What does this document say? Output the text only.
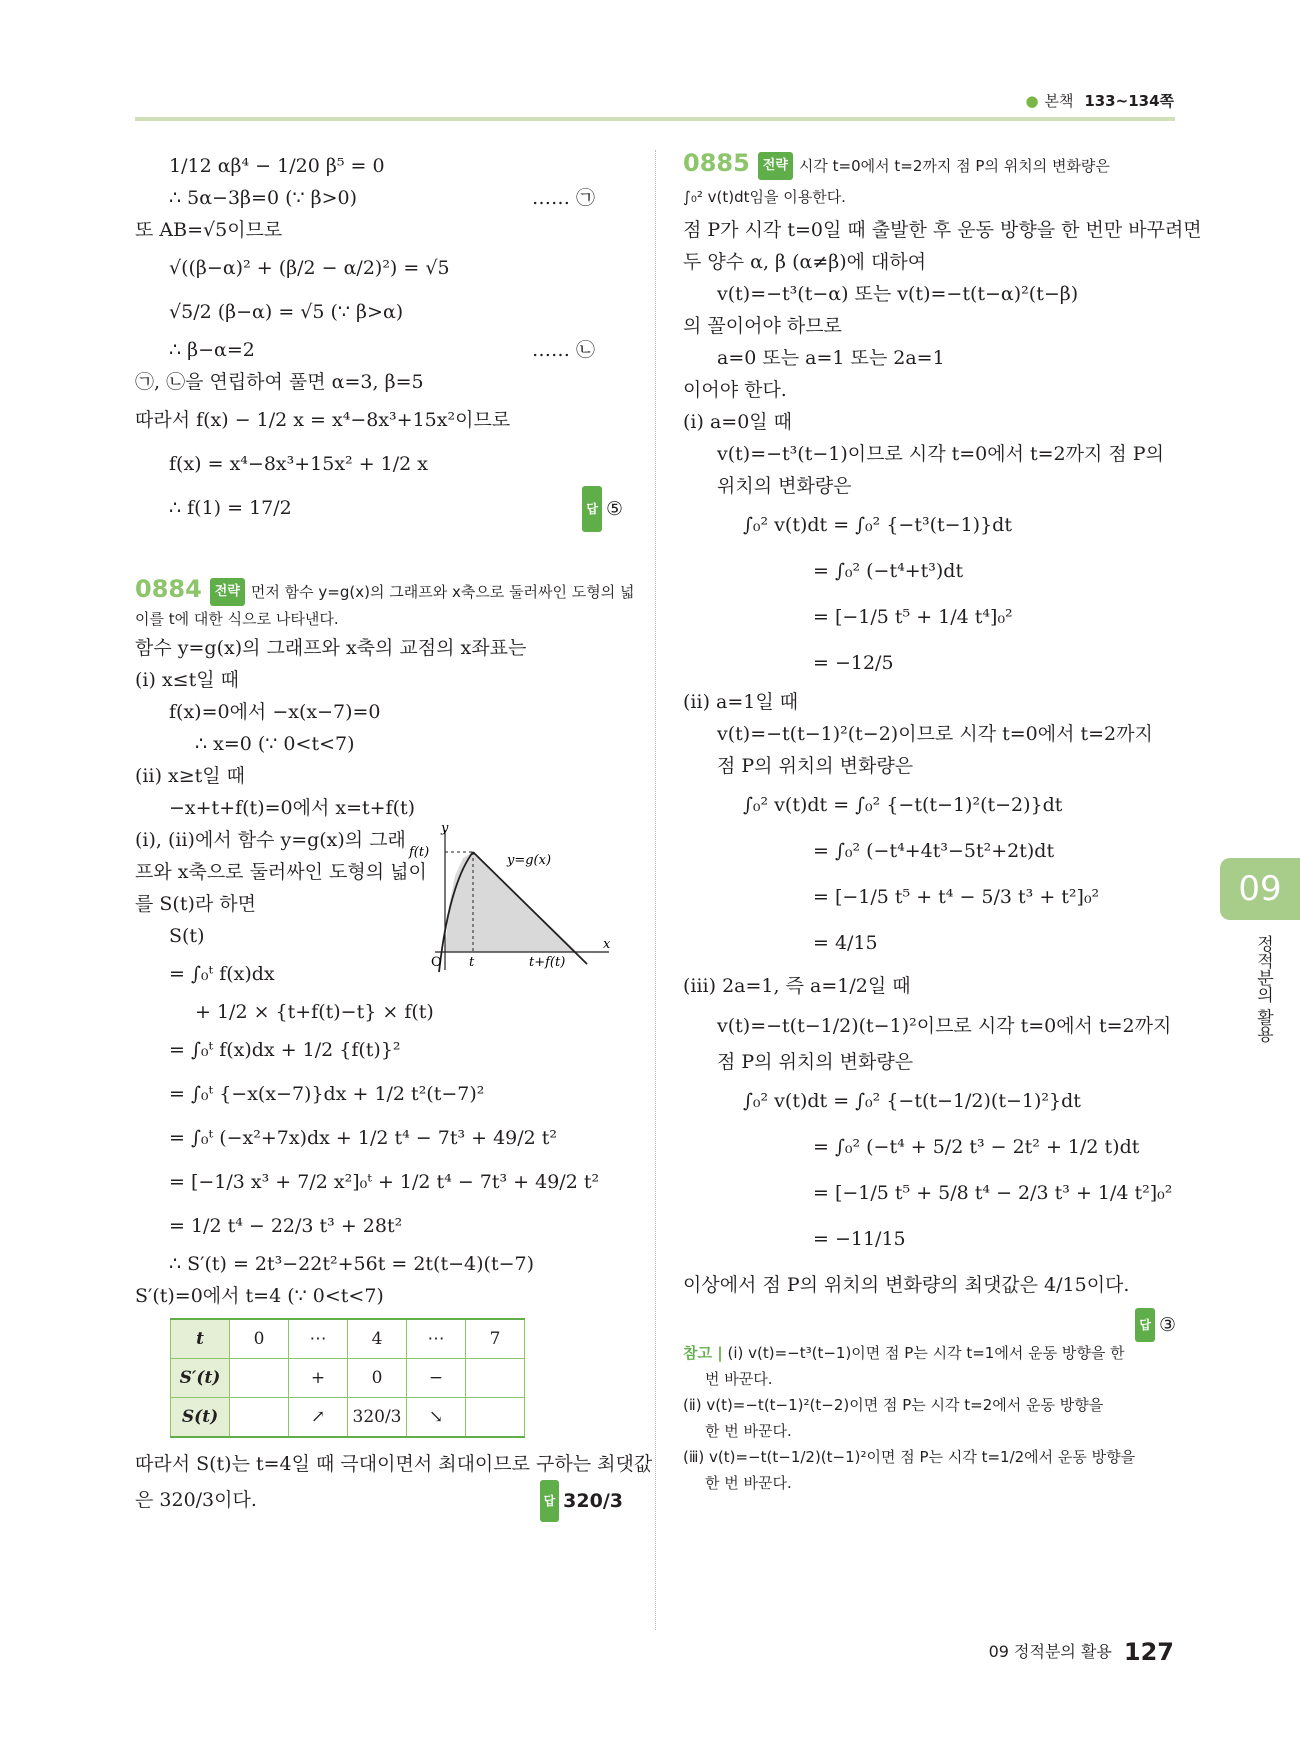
● 본책 133~134쪽
1/12 αβ⁴ − 1/20 β⁵ = 0
∴ 5α−3β=0 (∵ β>0)	…… ㉠
또 AB=√5이므로
√((β−α)² + (β/2 − α/2)²) = √5
√5/2 (β−α) = √5 (∵ β>α)
∴ β−α=2	…… ㉡
㉠, ㉡을 연립하여 풀면 α=3, β=5
따라서 f(x) − 1/2 x = x⁴−8x³+15x²이므로
f(x) = x⁴−8x³+15x² + 1/2 x
∴ f(1) = 17/2	답 ⑤
0884 전략 먼저 함수 y=g(x)의 그래프와 x축으로 둘러싸인 도형의 넓
이를 t에 대한 식으로 나타낸다.
함수 y=g(x)의 그래프와 x축의 교점의 x좌표는
(ⅰ) x≤t일 때
f(x)=0에서 −x(x−7)=0
∴ x=0 (∵ 0<t<7)
(ⅱ) x≥t일 때
−x+t+f(t)=0에서 x=t+f(t)
(ⅰ), (ⅱ)에서 함수 y=g(x)의 그래
프와 x축으로 둘러싸인 도형의 넓이
를 S(t)라 하면
S(t)
= ∫₀ᵗ f(x)dx
y
x
O
f(t)
y=g(x)
t	t+f(t)
+ 1/2 × {t+f(t)−t} × f(t)
= ∫₀ᵗ f(x)dx + 1/2 {f(t)}²
= ∫₀ᵗ {−x(x−7)}dx + 1/2 t²(t−7)²
= ∫₀ᵗ (−x²+7x)dx + 1/2 t⁴ − 7t³ + 49/2 t²
= [−1/3 x³ + 7/2 x²]₀ᵗ + 1/2 t⁴ − 7t³ + 49/2 t²
= 1/2 t⁴ − 22/3 t³ + 28t²
∴ S′(t) = 2t³−22t²+56t = 2t(t−4)(t−7)
S′(t)=0에서 t=4 (∵ 0<t<7)
t	0	⋯	4	⋯	7
S′(t)		+	0	−	
S(t)		↗	320/3	↘	
따라서 S(t)는 t=4일 때 극대이면서 최대이므로 구하는 최댓값
은 320/3이다.	답 320/3
0885 전략 시각 t=0에서 t=2까지 점 P의 위치의 변화량은
∫₀² v(t)dt임을 이용한다.
점 P가 시각 t=0일 때 출발한 후 운동 방향을 한 번만 바꾸려면
두 양수 α, β (α≠β)에 대하여
v(t)=−t³(t−α) 또는 v(t)=−t(t−α)²(t−β)
의 꼴이어야 하므로
a=0 또는 a=1 또는 2a=1
이어야 한다.
(ⅰ) a=0일 때
v(t)=−t³(t−1)이므로 시각 t=0에서 t=2까지 점 P의
위치의 변화량은
∫₀² v(t)dt = ∫₀² {−t³(t−1)}dt
= ∫₀² (−t⁴+t³)dt
= [−1/5 t⁵ + 1/4 t⁴]₀²
= −12/5
(ⅱ) a=1일 때
v(t)=−t(t−1)²(t−2)이므로 시각 t=0에서 t=2까지
점 P의 위치의 변화량은
∫₀² v(t)dt = ∫₀² {−t(t−1)²(t−2)}dt
= ∫₀² (−t⁴+4t³−5t²+2t)dt
= [−1/5 t⁵ + t⁴ − 5/3 t³ + t²]₀²
= 4/15
(ⅲ) 2a=1, 즉 a=1/2일 때
v(t)=−t(t−1/2)(t−1)²이므로 시각 t=0에서 t=2까지
점 P의 위치의 변화량은
∫₀² v(t)dt = ∫₀² {−t(t−1/2)(t−1)²}dt
= ∫₀² (−t⁴ + 5/2 t³ − 2t² + 1/2 t)dt
= [−1/5 t⁵ + 5/8 t⁴ − 2/3 t³ + 1/4 t²]₀²
= −11/15
이상에서 점 P의 위치의 변화량의 최댓값은 4/15이다.
답 ③
참고 | (ⅰ) v(t)=−t³(t−1)이면 점 P는 시각 t=1에서 운동 방향을 한
번 바꾼다.
(ⅱ) v(t)=−t(t−1)²(t−2)이면 점 P는 시각 t=2에서 운동 방향을
한 번 바꾼다.
(ⅲ) v(t)=−t(t−1/2)(t−1)²이면 점 P는 시각 t=1/2에서 운동 방향을
한 번 바꾼다.
09
정적분의 활용
09 정적분의 활용 127
